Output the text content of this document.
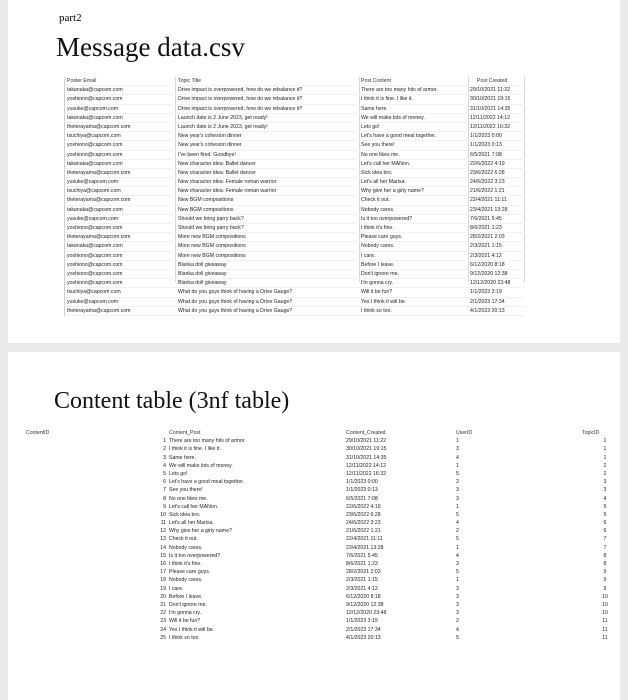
part2
Message data.csv
Poster Email	Topic Title	Post Content	Post Created
takanaka@capcom.com	Drive impact is overpowered, how do we rebalance it?	There are too many hits of armor.	29/10/2021 11:22
yoshiono@capcom.com	Drive impact is overpowered, how do we rebalance it?	I think it is fine. I like it.	30/10/2021 19:15
yusuke@capcom.com	Drive impact is overpowered, how do we rebalance it?	Same here.	31/10/2021 14:35
takanaka@capcom.com	Launch date is 2 June 2023, get ready!	We will make lots of money.	12/11/2022 14:12
theterayama@capcom.com	Launch date is 2 June 2023, get ready!	Lets go!	12/11/2022 16:32
tsuchiya@capcom.com	New year's cohesion dinner	Let's have a good meal together.	1/1/2023 0:00
yoshiono@capcom.com	New year's cohesion dinner	See you there!	1/1/2023 0:13
yoshiono@capcom.com	I've been fired. Goodbye!	No one likes me.	6/5/2021 7:08
takanaka@capcom.com	New character idea: Ballet dancer	Let's call her MANon.	22/6/2022 4:19
theterayama@capcom.com	New character idea: Ballet dancer	Sick idea bro.	23/6/2022 6:28
yusuke@capcom.com	New character idea: Female roman warrior	Let's all her Marisa.	24/6/2022 3:23
tsuchiya@capcom.com	New character idea: Female roman warrior	Why give her a girly name?	21/6/2022 1:21
theterayama@capcom.com	New BGM compositions	Check it out.	22/4/2021 11:11
takanaka@capcom.com	New BGM compositions	Nobody cares.	23/4/2021 13:28
yusuke@capcom.com	Should we bring parry back?	Is it too overpowered?	7/6/2021 5:45
yoshiono@capcom.com	Should we bring parry back?	I think it's fine.	8/6/2021 1:23
theterayama@capcom.com	More new BGM compositions	Please care guys.	28/2/2021 2:03
takanaka@capcom.com	More new BGM compositions	Nobody cares.	2/3/2021 1:15
yoshiono@capcom.com	More new BGM compositions	I care.	2/3/2021 4:12
yoshiono@capcom.com	Blanka doll giveaway	Before I leave.	6/12/2020 8:18
yoshiono@capcom.com	Blanka doll giveaway	Don't ignore me.	9/12/2020 12:38
yoshiono@capcom.com	Blanka doll giveaway	I'm gonna cry.	12/12/2020 23:48
tsuchiya@capcom.com	What do you guys think of having a Drive Gauge?	Will it be fun?	1/1/2023 3:19
yusuke@capcom.com	What do you guys think of having a Drive Gauge?	Yes I think it will be.	2/1/2023 17:34
theterayama@capcom.com	What do you guys think of having a Drive Gauge?	I think so too.	4/1/2023 20:13
Content table (3nf table)
ContentID	Content_Post	Content_Created	UserID	TopicID
1 There are too many hits of armor.	29/10/2021 11:22	1	1
2 I think it is fine. I like it.	30/10/2021 19:15	3	1
3 Same here.	31/10/2021 14:35	4	1
4 We will make lots of money.	12/11/2022 14:12	1	2
5 Lets go!	12/11/2022 16:32	5	2
6 Let's have a good meal together.	1/1/2023 0:00	2	3
7 See you there!	1/1/2023 0:13	3	3
8 No one likes me.	6/5/2021 7:08	3	4
9 Let's call her MANon.	22/6/2022 4:19	1	5
10 Sick idea bro.	23/6/2022 6:28	5	5
11 Let's all her Marisa.	24/6/2022 3:23	4	6
12 Why give her a girly name?	21/6/2022 1:21	2	6
13 Check it out.	22/4/2021 11:11	5	7
14 Nobody cares.	23/4/2021 13:28	1	7
15 Is it too overpowered?	7/6/2021 5:45	4	8
16 I think it's fine.	8/6/2021 1:23	3	8
17 Please care guys.	28/2/2021 2:03	5	9
18 Nobody cares.	2/3/2021 1:15	1	9
19 I care.	2/3/2021 4:12	3	9
20 Before I leave.	6/12/2020 8:18	3	10
21 Don't ignore me.	9/12/2020 12:38	3	10
22 I'm gonna cry.	12/12/2020 23:48	3	10
23 Will it be fun?	1/1/2023 3:19	2	11
24 Yes I think it will be.	2/1/2023 17:34	4	11
25 I think so too.	4/1/2023 20:13	5	11
